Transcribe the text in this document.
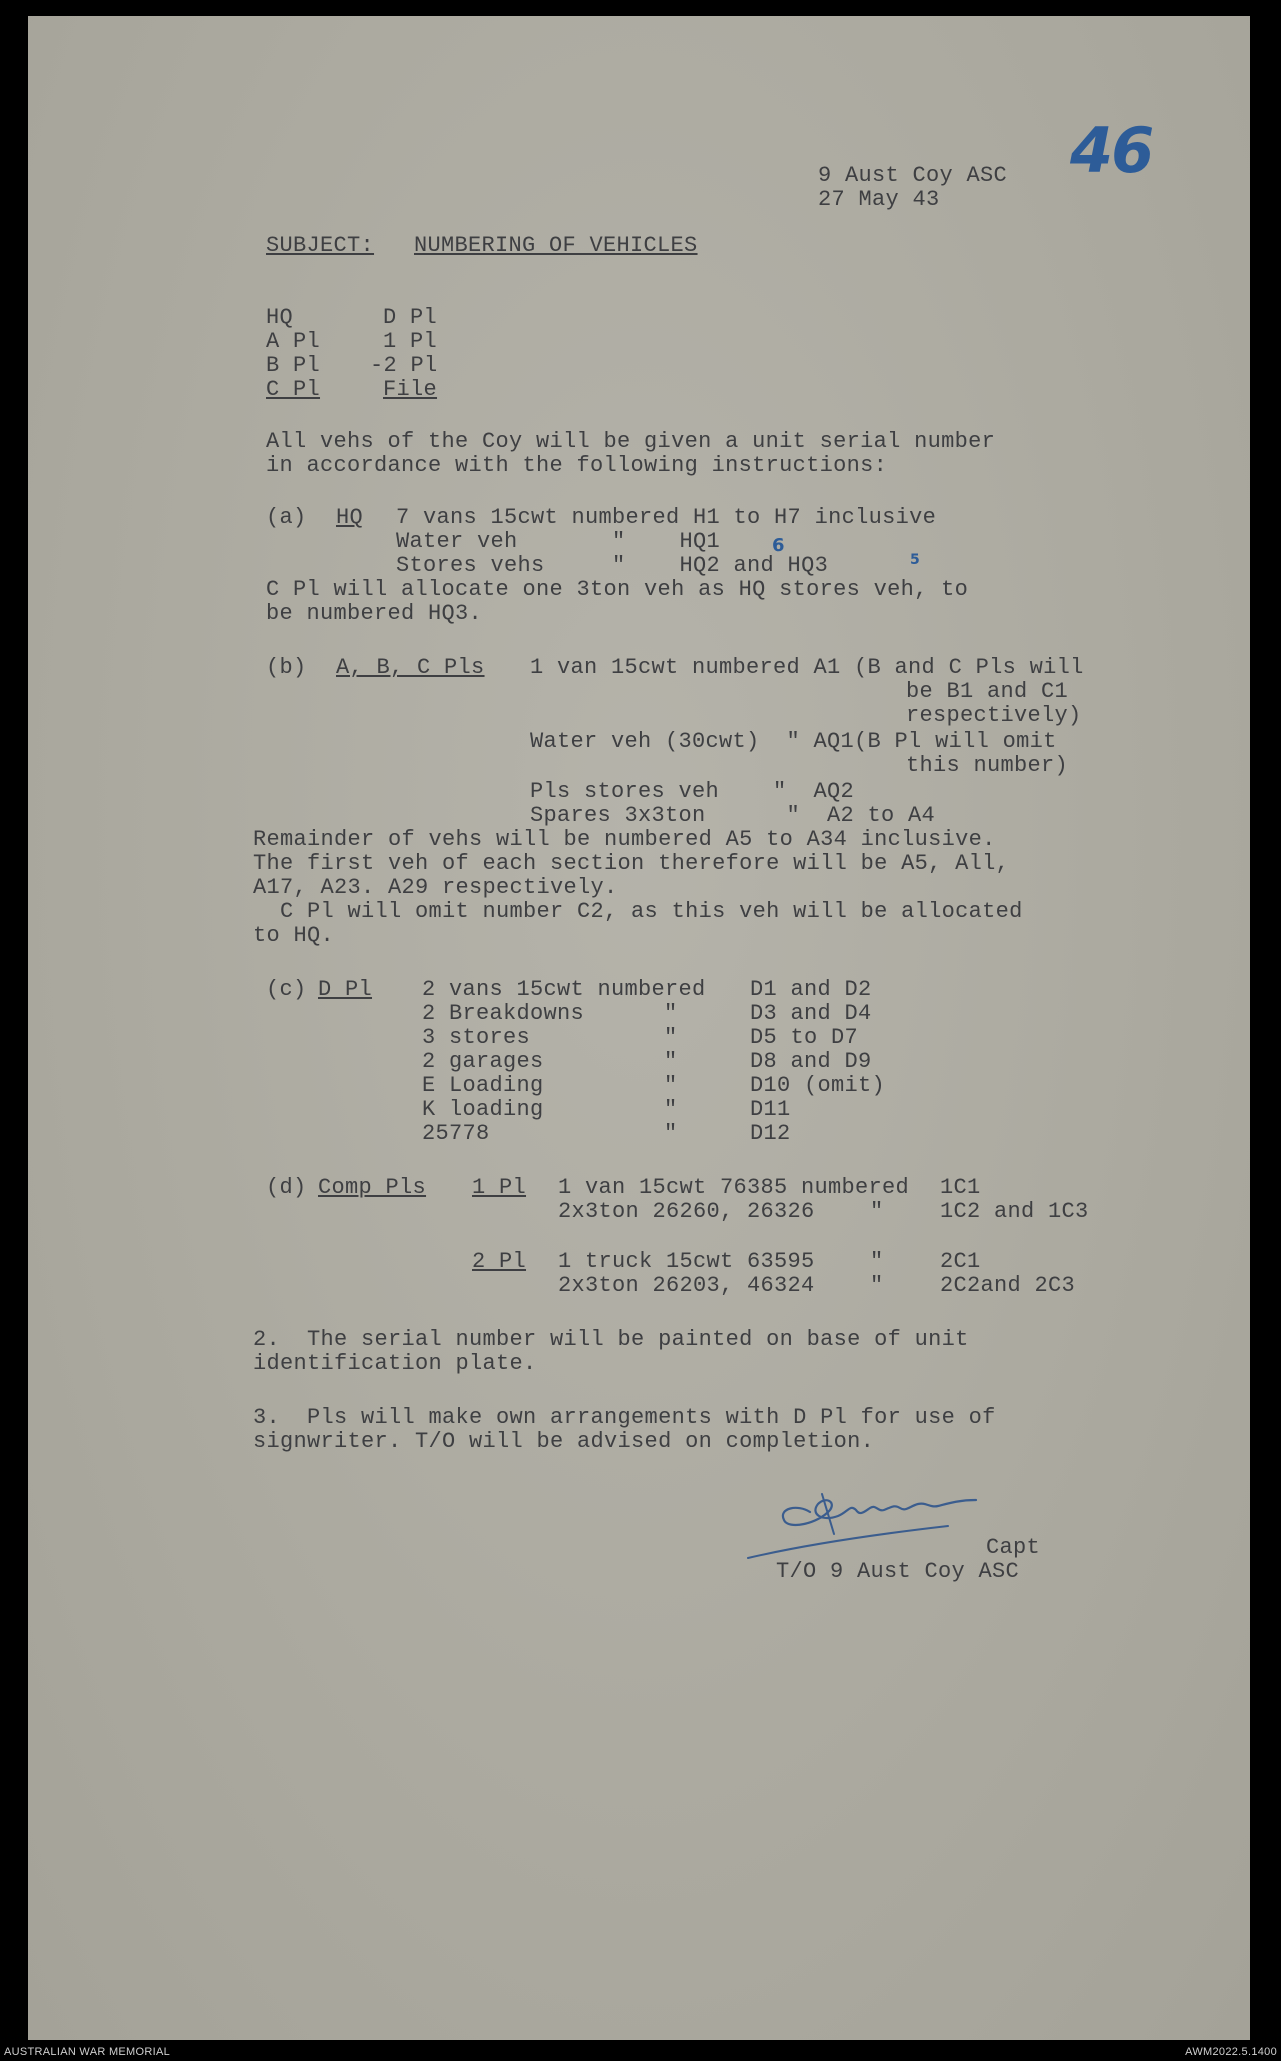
46
9 Aust Coy ASC
27 May 43
SUBJECT: NUMBERING OF VEHICLES
HQ	D Pl
A Pl	1 Pl
B Pl -2 Pl
C Pl	File
All vehs of the Coy will be given a unit serial number
in accordance with the following instructions:
(a) HQ 7 vans 15cwt numbered H1 to H7 inclusive
Water veh       "    HQ1
Stores vehs     "    HQ2 and HQ3
6
5
C Pl will allocate one 3ton veh as HQ stores veh, to
be numbered HQ3.
(b) A, B, C Pls 1 van 15cwt numbered A1 (B and C Pls will
be B1 and C1
respectively)
Water veh (30cwt)  " AQ1(B Pl will omit
this number)
Pls stores veh    "  AQ2
Spares 3x3ton      "  A2 to A4
Remainder of vehs will be numbered A5 to A34 inclusive.
The first veh of each section therefore will be A5, All,
A17, A23. A29 respectively.
C Pl will omit number C2, as this veh will be allocated
to HQ.
(c) D Pl 2 vans 15cwt numbered D1 and D2
2 Breakdowns	"	D3 and D4
3 stores	"	D5 to D7
2 garages	"	D8 and D9
E Loading	"	D10 (omit)
K loading	"	D11
25778	"	D12
(d) Comp Pls 1 Pl 1 van 15cwt 76385 numbered 1C1
2x3ton 26260, 26326	"	1C2 and 1C3
2 Pl 1 truck 15cwt 63595	"	2C1
2x3ton 26203, 46324	"	2C2and 2C3
2.  The serial number will be painted on base of unit
identification plate.
3.  Pls will make own arrangements with D Pl for use of
signwriter. T/O will be advised on completion.
Capt
T/O 9 Aust Coy ASC
AUSTRALIAN WAR MEMORIAL	AWM2022.5.1400
